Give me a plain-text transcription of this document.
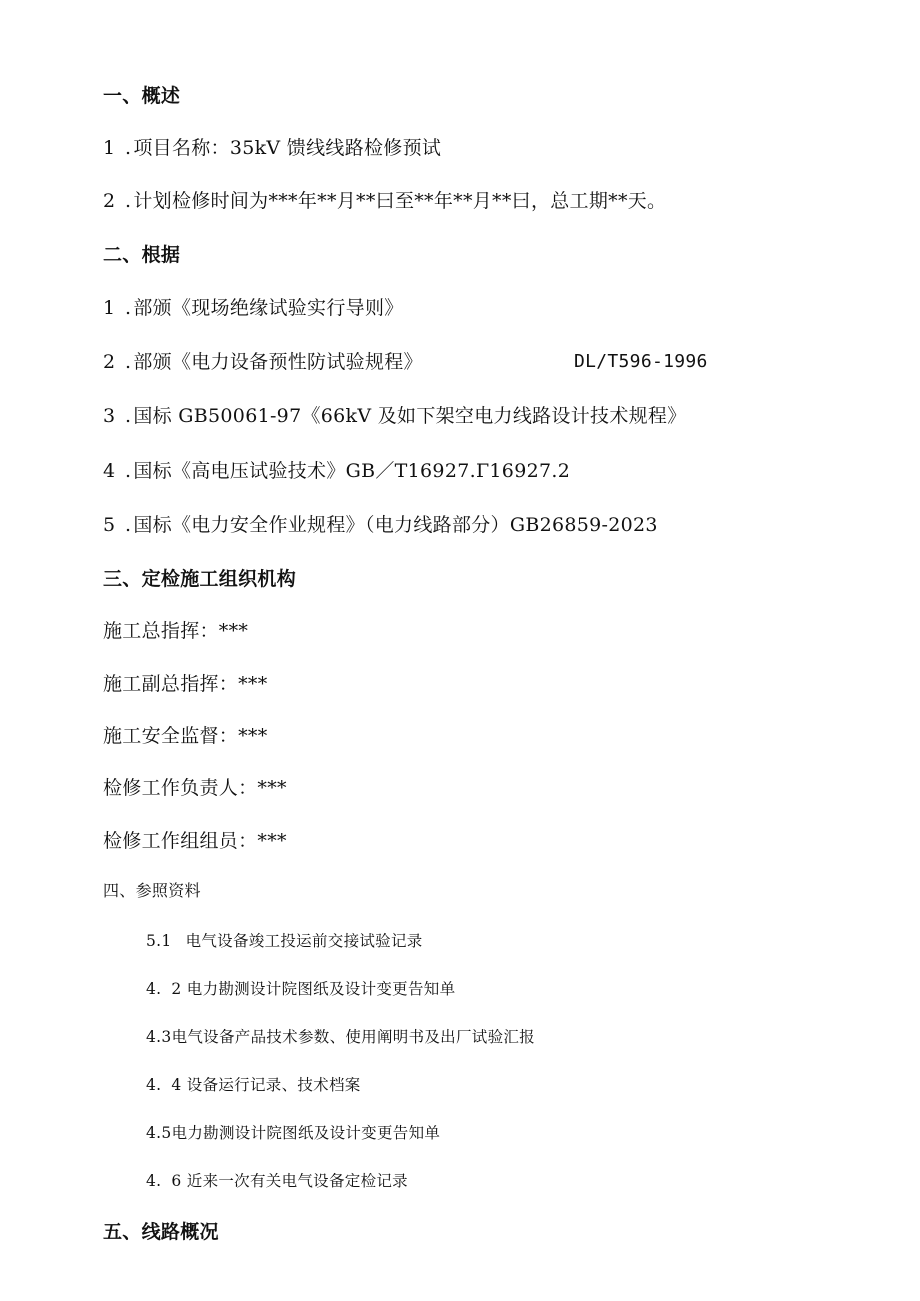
一、概述
1 . 项目名称：35kV 馈线线路检修预试
2 . 计划检修时间为***年**月**曰至**年**月**曰，总工期**天。
二、根据
1 . 部颁《现场绝缘试验实行导则》
2 . 部颁《电力设备预性防试验规程》	DL/T596-1996
3 . 国标 GB50061-97《66kV 及如下架空电力线路设计技术规程》
4 . 国标《高电压试验技术》GB／T16927.Γ16927.2
5 . 国标《电力安全作业规程》（电力线路部分）GB26859-2023
三、定检施工组织机构
施工总指挥：***
施工副总指挥：***
施工安全监督：***
检修工作负责人：***
检修工作组组员：***
四、参照资料
5.1 电气设备竣工投运前交接试验记录
4. 2 电力勘测设计院图纸及设计变更告知单
4.3电气设备产品技术参数、使用阐明书及出厂试验汇报
4. 4 设备运行记录、技术档案
4.5电力勘测设计院图纸及设计变更告知单
4. 6 近来一次有关电气设备定检记录
五、线路概况
